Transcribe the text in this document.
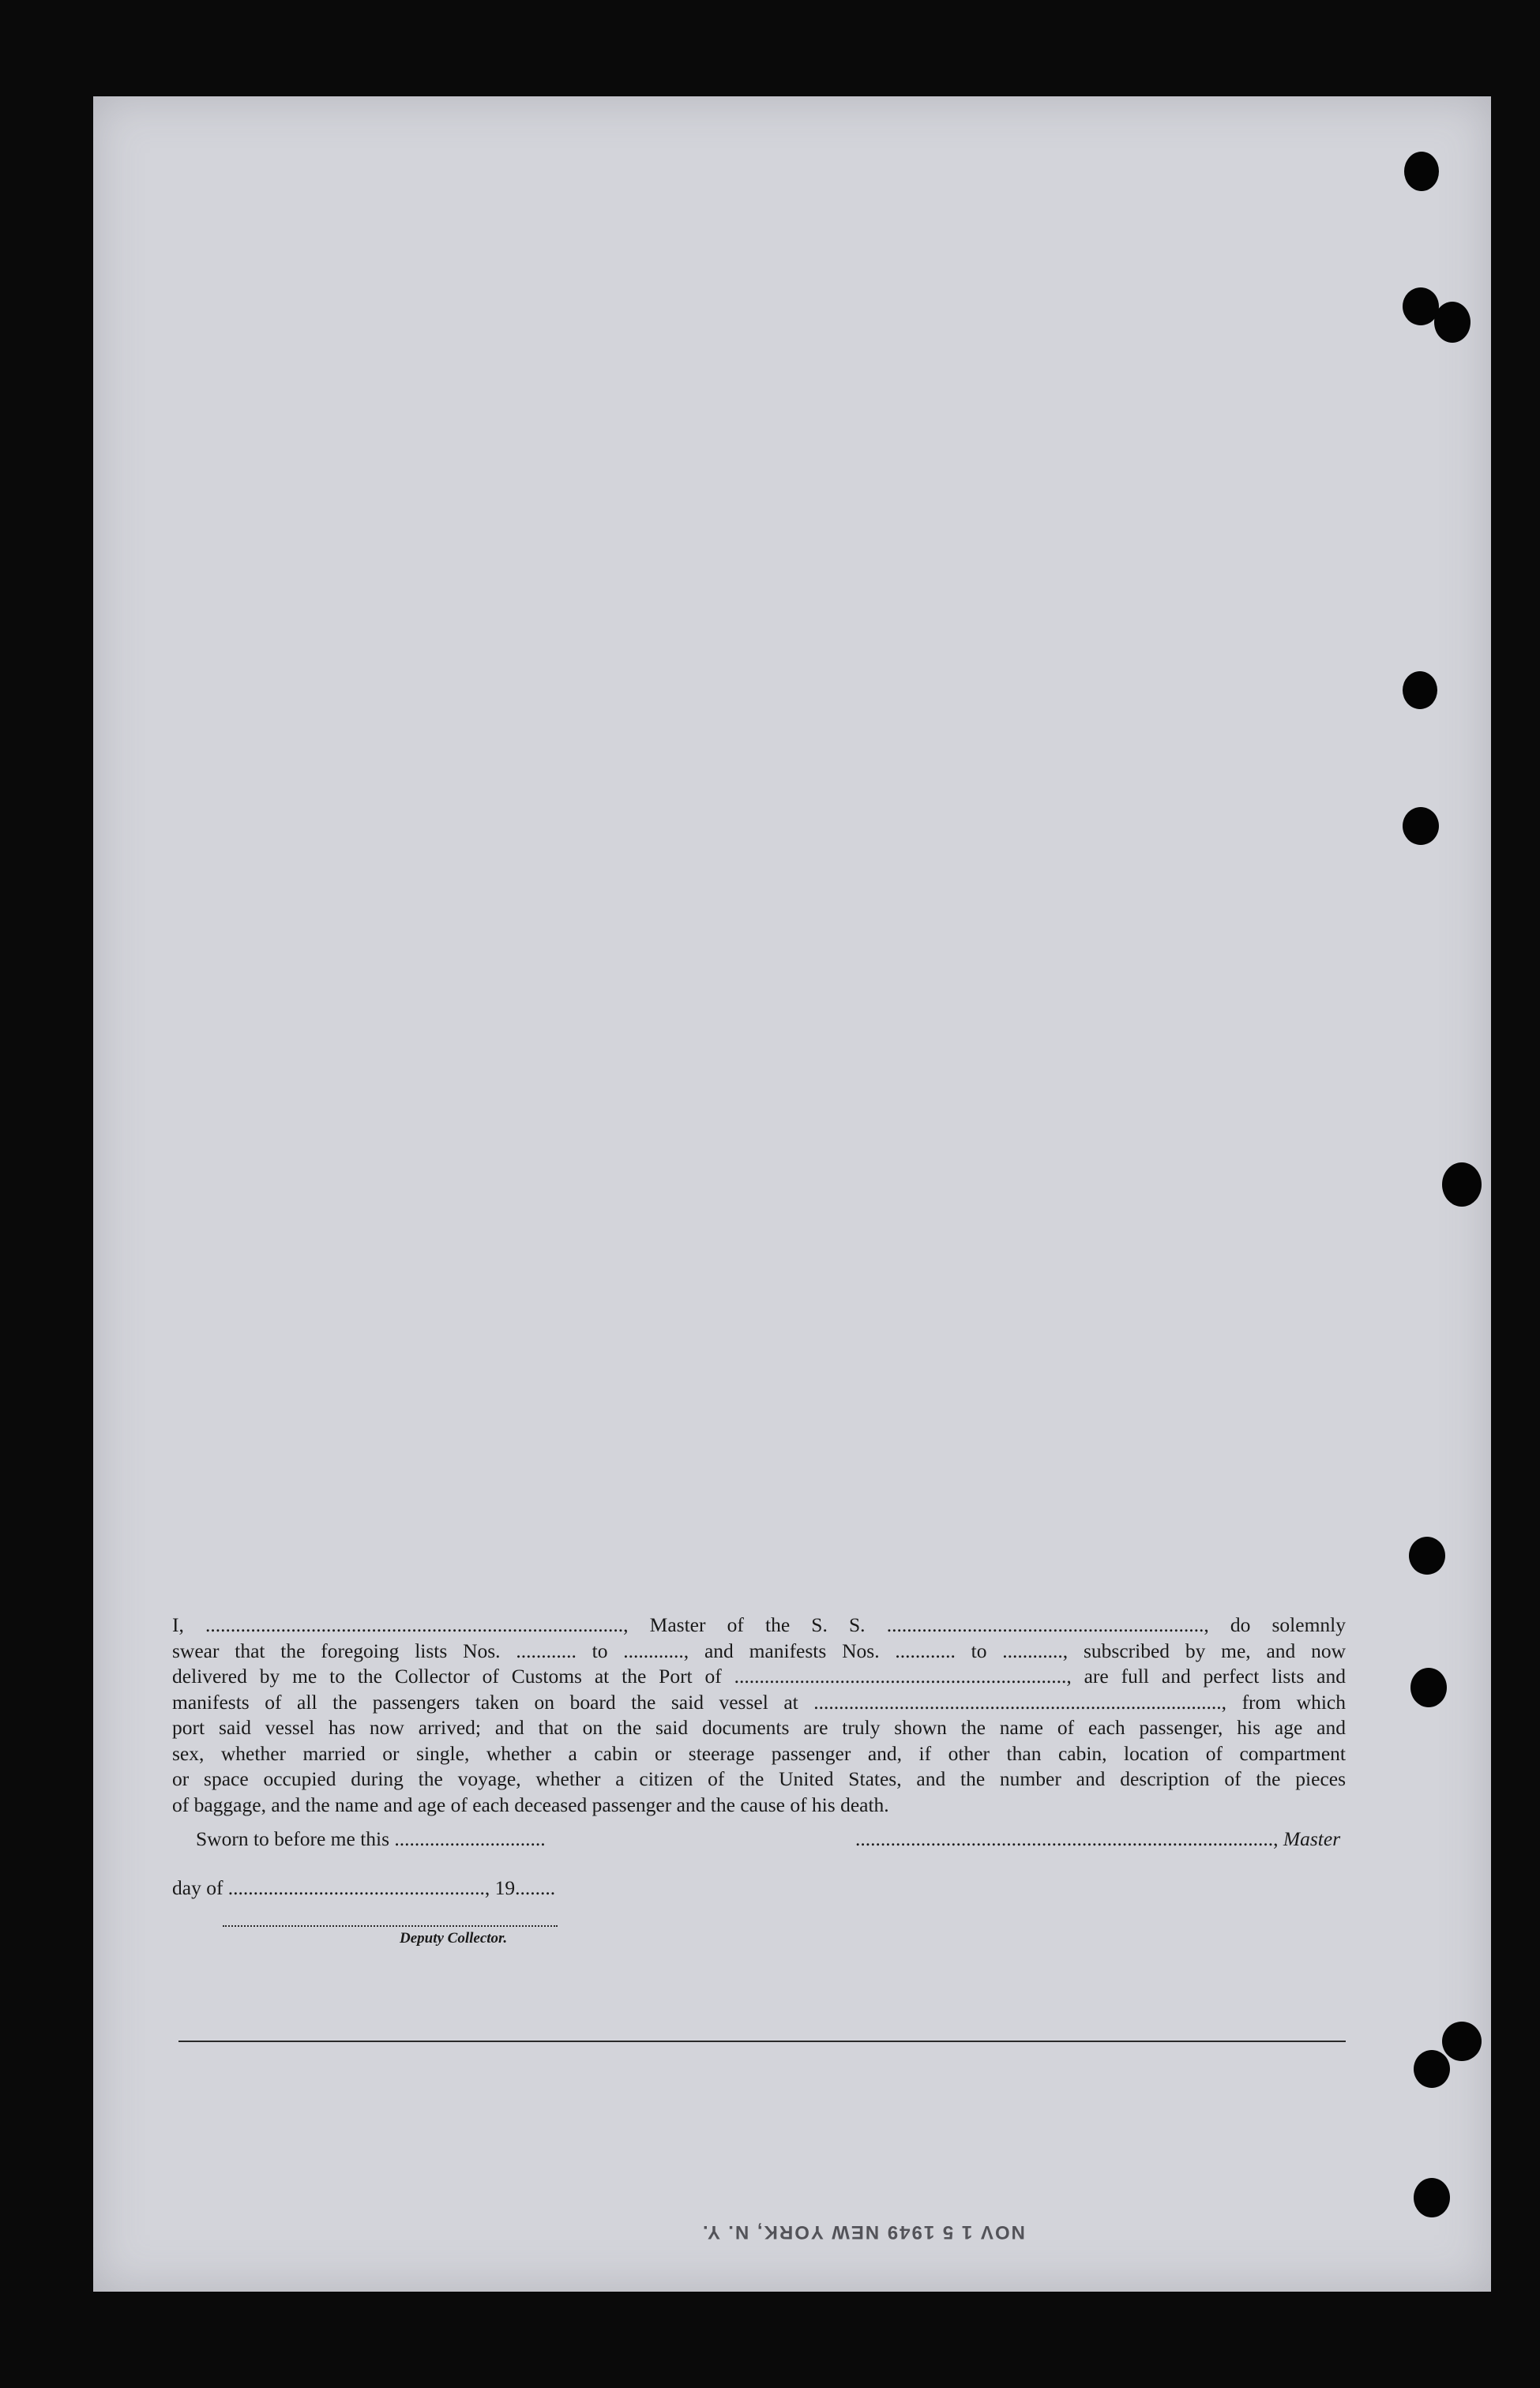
I, ..................................................................................., Master of the S. S. ..............................................................., do solemnly
swear that the foregoing lists Nos. ............ to ............, and manifests Nos. ............ to ............, subscribed by me, and now
delivered by me to the Collector of Customs at the Port of .................................................................., are full and perfect lists and
manifests of all the passengers taken on board the said vessel at ................................................................................., from which
port said vessel has now arrived; and that on the said documents are truly shown the name of each passenger, his age and
sex, whether married or single, whether a cabin or steerage passenger and, if other than cabin, location of compartment
or space occupied during the voyage, whether a citizen of the United States, and the number and description of the pieces
of baggage, and the name and age of each deceased passenger and the cause of his death.
Sworn to before me this ..............................	..................................................................................., Master
day of ..................................................., 19........
Deputy Collector.
NOV 1 5 1949 NEW YORK, N. Y.
